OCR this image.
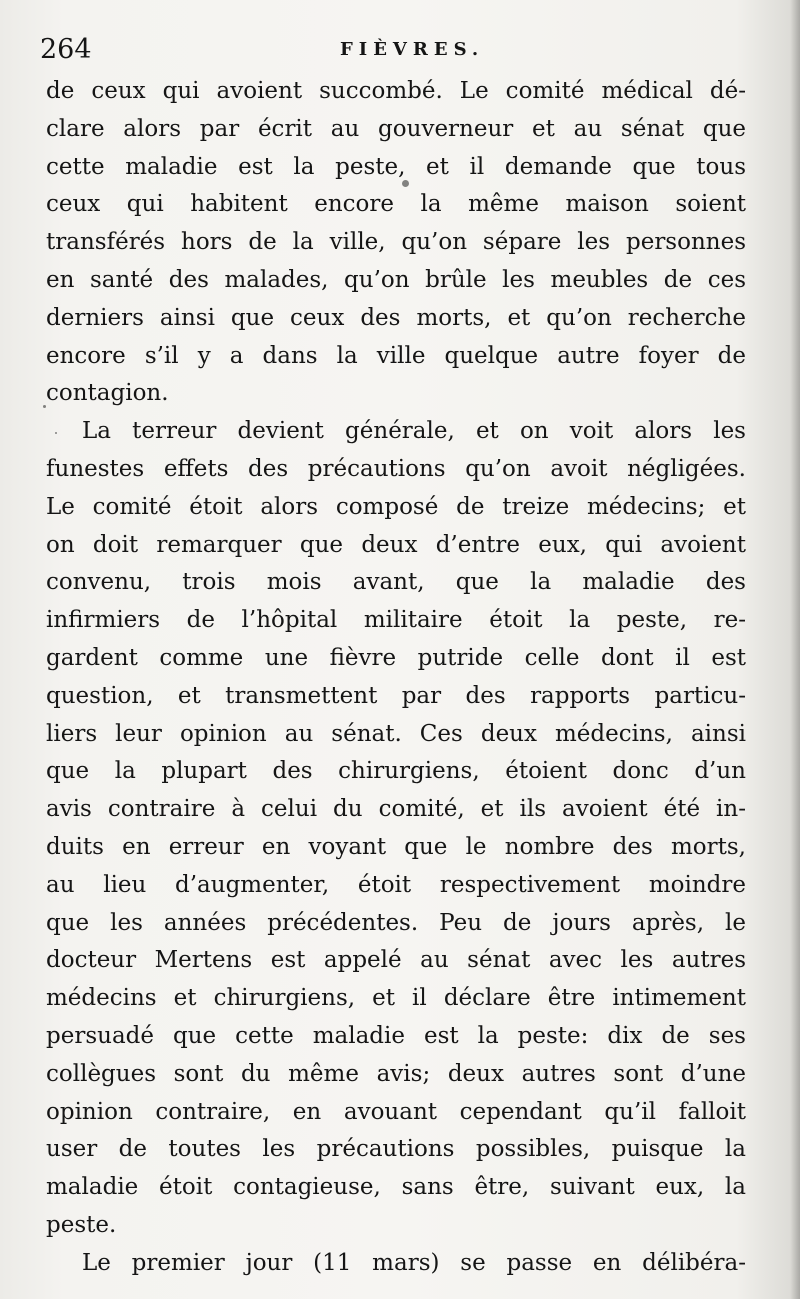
264	FIÈVRES.
de ceux qui avoient succombé. Le comité médical dé-
clare alors par écrit au gouverneur et au sénat que
cette maladie est la peste, et il demande que tous
ceux qui habitent encore la même maison soient
transférés hors de la ville, qu’on sépare les personnes
en santé des malades, qu’on brûle les meubles de ces
derniers ainsi que ceux des morts, et qu’on recherche
encore s’il y a dans la ville quelque autre foyer de
contagion.
La terreur devient générale, et on voit alors les
funestes effets des précautions qu’on avoit négligées.
Le comité étoit alors composé de treize médecins; et
on doit remarquer que deux d’entre eux, qui avoient
convenu, trois mois avant, que la maladie des
infirmiers de l’hôpital militaire étoit la peste, re-
gardent comme une fièvre putride celle dont il est
question, et transmettent par des rapports particu-
liers leur opinion au sénat. Ces deux médecins, ainsi
que la plupart des chirurgiens, étoient donc d’un
avis contraire à celui du comité, et ils avoient été in-
duits en erreur en voyant que le nombre des morts,
au lieu d’augmenter, étoit respectivement moindre
que les années précédentes. Peu de jours après, le
docteur Mertens est appelé au sénat avec les autres
médecins et chirurgiens, et il déclare être intimement
persuadé que cette maladie est la peste: dix de ses
collègues sont du même avis; deux autres sont d’une
opinion contraire, en avouant cependant qu’il falloit
user de toutes les précautions possibles, puisque la
maladie étoit contagieuse, sans être, suivant eux, la
peste.
Le premier jour (11 mars) se passe en délibéra-
